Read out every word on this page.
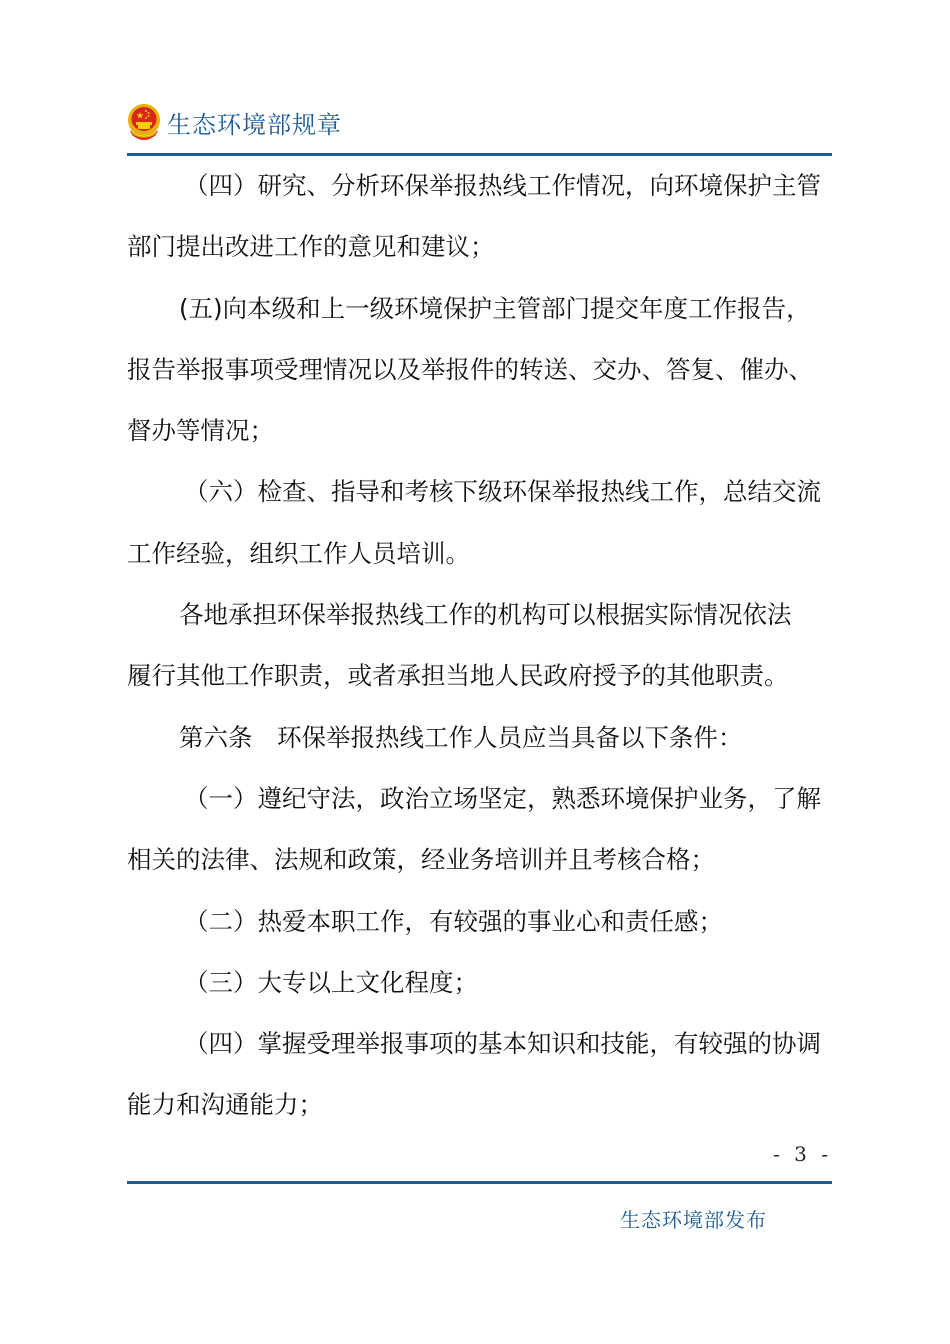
生态环境部规章
（四）研究、分析环保举报热线工作情况，向环境保护主管
部门提出改进工作的意见和建议；
(五)向本级和上一级环境保护主管部门提交年度工作报告，
报告举报事项受理情况以及举报件的转送、交办、答复、催办、
督办等情况；
（六）检查、指导和考核下级环保举报热线工作，总结交流
工作经验，组织工作人员培训。
各地承担环保举报热线工作的机构可以根据实际情况依法
履行其他工作职责，或者承担当地人民政府授予的其他职责。
第六条　环保举报热线工作人员应当具备以下条件：
（一）遵纪守法，政治立场坚定，熟悉环境保护业务，了解
相关的法律、法规和政策，经业务培训并且考核合格；
（二）热爱本职工作，有较强的事业心和责任感；
（三）大专以上文化程度；
（四）掌握受理举报事项的基本知识和技能，有较强的协调
能力和沟通能力；
- 3 -
生态环境部发布
